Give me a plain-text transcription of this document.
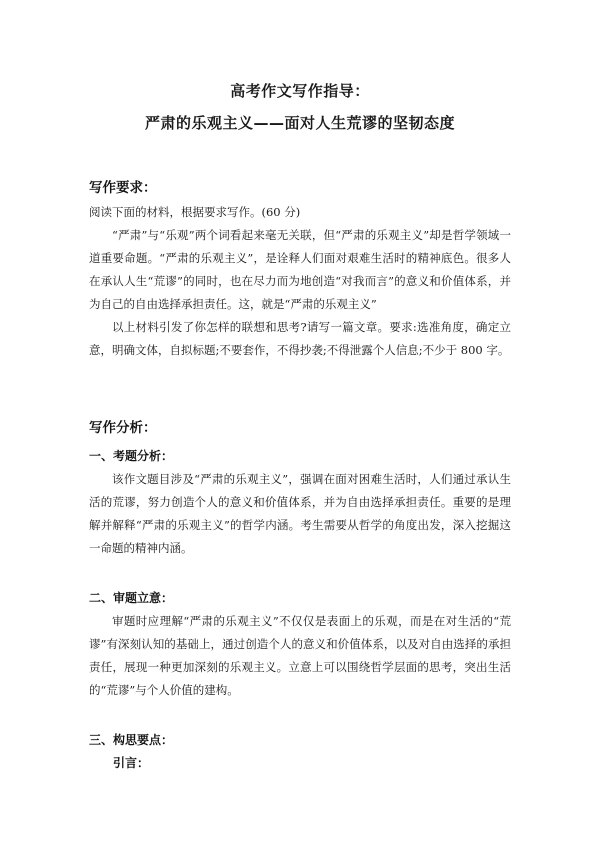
高考作文写作指导：
严肃的乐观主义——面对人生荒谬的坚韧态度
写作要求：

阅读下面的材料，根据要求写作。(60 分)

“严肃”与“乐观”两个词看起来毫无关联，但“严肃的乐观主义”却是哲学领域一道重要命题。“严肃的乐观主义”，是诠释人们面对艰难生活时的精神底色。很多人在承认人生“荒谬”的同时，也在尽力而为地创造“对我而言”的意义和价值体系，并为自己的自由选择承担责任。这，就是“严肃的乐观主义”

以上材料引发了你怎样的联想和思考?请写一篇文章。要求:选准角度，确定立意，明确文体，自拟标题;不要套作，不得抄袭;不得泄露个人信息;不少于 800 字。

写作分析：
一、考题分析：

该作文题目涉及“严肃的乐观主义”，强调在面对困难生活时，人们通过承认生活的荒谬，努力创造个人的意义和价值体系，并为自由选择承担责任。重要的是理解并解释“严肃的乐观主义”的哲学内涵。考生需要从哲学的角度出发，深入挖掘这一命题的精神内涵。

二、审题立意：

审题时应理解“严肃的乐观主义”不仅仅是表面上的乐观，而是在对生活的“荒谬”有深刻认知的基础上，通过创造个人的意义和价值体系，以及对自由选择的承担责任，展现一种更加深刻的乐观主义。立意上可以围绕哲学层面的思考，突出生活的“荒谬”与个人价值的建构。

三、构思要点：
引言：
